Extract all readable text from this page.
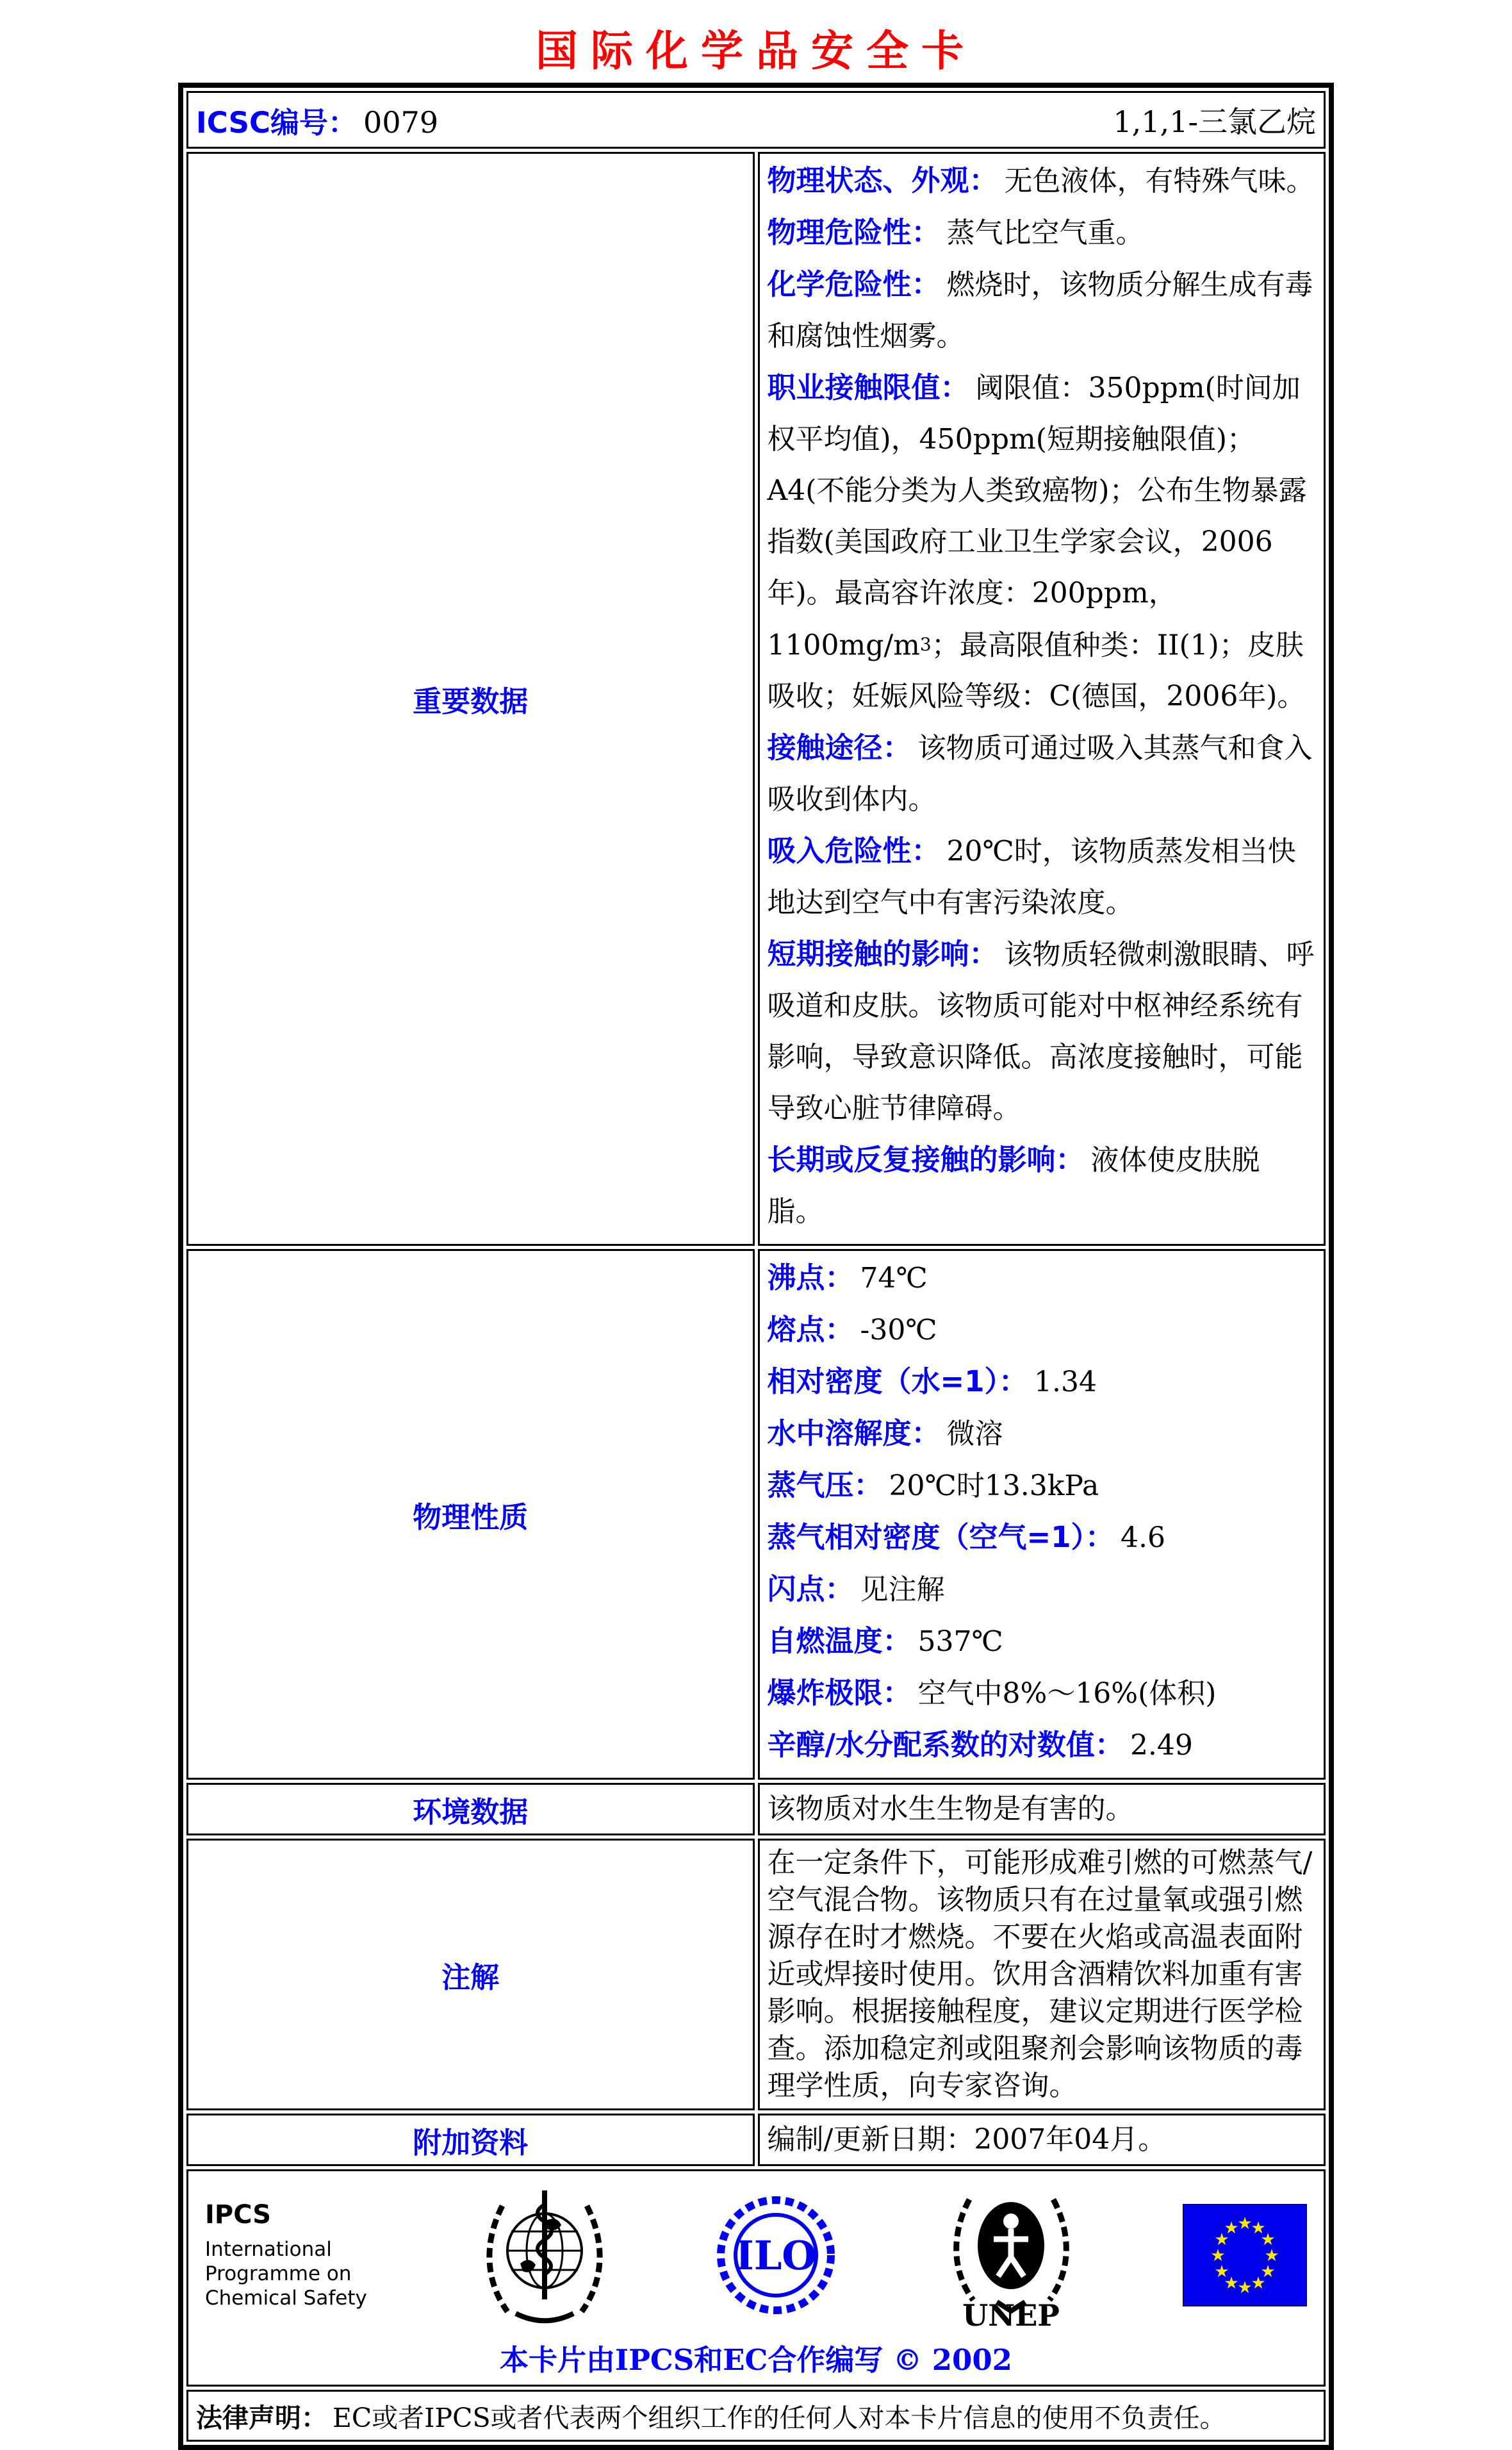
国际化学品安全卡
ICSC编号： 0079 1,1,1-三氯乙烷	

重要数据	
物理状态、外观： 无色液体，有特殊气味。
物理危险性： 蒸气比空气重。
化学危险性： 燃烧时，该物质分解生成有毒和腐蚀性烟雾。
职业接触限值： 阈限值：350ppm(时间加权平均值)，450ppm(短期接触限值)；A4(不能分类为人类致癌物)；公布生物暴露指数(美国政府工业卫生学家会议，2006年)。最高容许浓度：200ppm，$1100mg/m^3$；最高限值种类：II(1)；皮肤吸收；妊娠风险等级：C(德国，2006年)。
接触途径： 该物质可通过吸入其蒸气和食入吸收到体内。
吸入危险性： 20℃时，该物质蒸发相当快地达到空气中有害污染浓度。
短期接触的影响： 该物质轻微刺激眼睛、呼吸道和皮肤。该物质可能对中枢神经系统有影响，导致意识降低。高浓度接触时，可能导致心脏节律障碍。
长期或反复接触的影响： 液体使皮肤脱脂。

物理性质	
沸点： 74℃
熔点： -30℃
相对密度（水=1）： 1.34
水中溶解度： 微溶
蒸气压： 20℃时13.3kPa
蒸气相对密度（空气=1）： 4.6
闪点： 见注解
自燃温度： 537℃
爆炸极限： 空气中8%～16%(体积)
辛醇/水分配系数的对数值： 2.49

环境数据	该物质对水生生物是有害的。

注解	在一定条件下，可能形成难引燃的可燃蒸气/空气混合物。该物质只有在过量氧或强引燃源存在时才燃烧。不要在火焰或高温表面附近或焊接时使用。饮用含酒精饮料加重有害影响。根据接触程度，建议定期进行医学检查。添加稳定剂或阻聚剂会影响该物质的毒理学性质，向专家咨询。

附加资料	编制/更新日期：2007年04月。

IPCS
International
Programme on
Chemical Safety
ILO
UNEP
★
★
★
★
★
★
★
★
★
★
★
★
本卡片由IPCS和EC合作编写 © 2002

法律声明： EC或者IPCS或者代表两个组织工作的任何人对本卡片信息的使用不负责任。	
